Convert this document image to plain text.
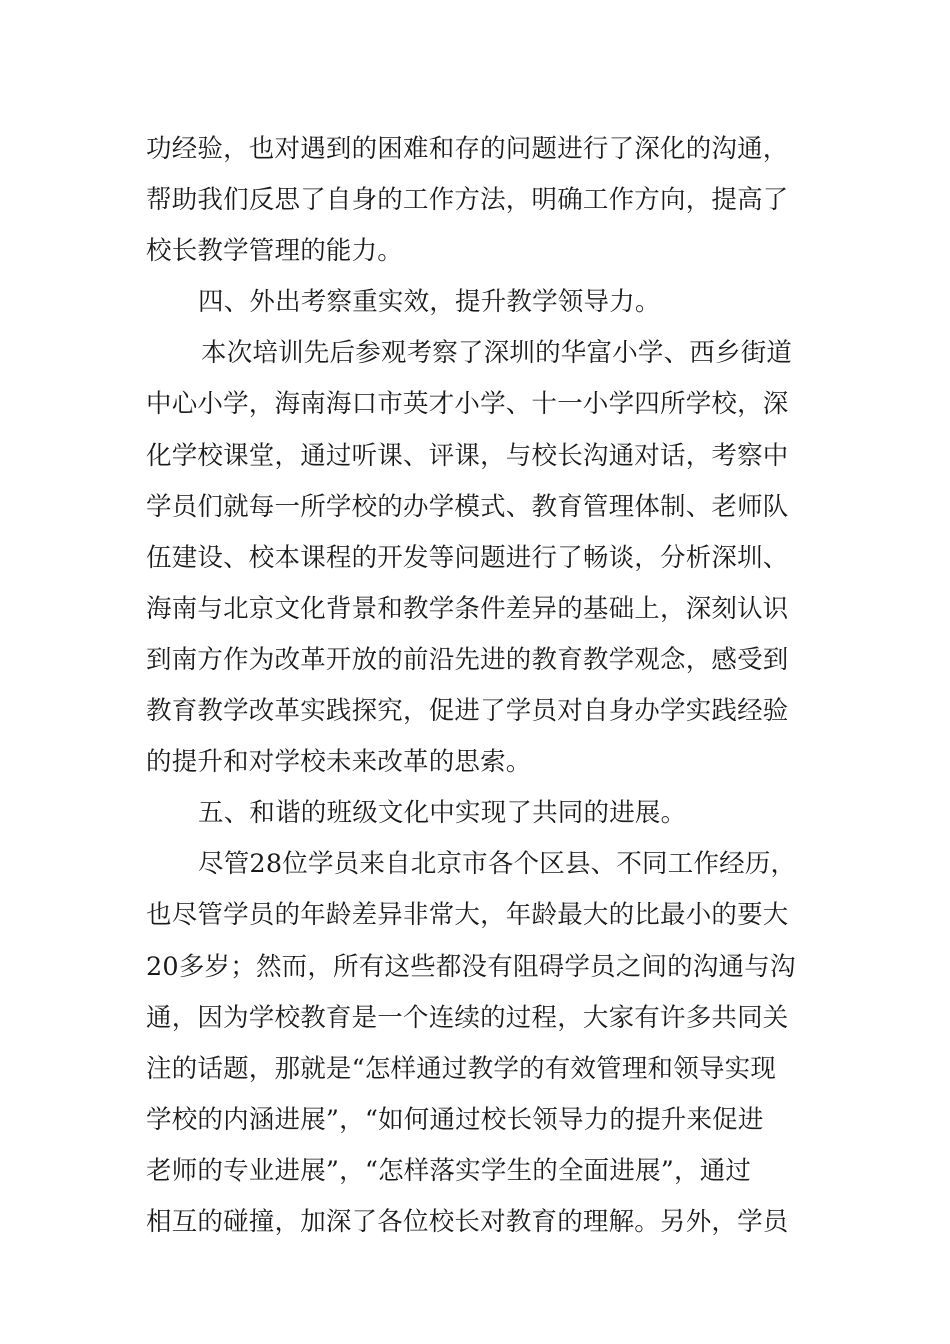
功经验，也对遇到的困难和存的问题进行了深化的沟通，
帮助我们反思了自身的工作方法，明确工作方向，提高了
校长教学管理的能力。
四、外出考察重实效，提升教学领导力。
本次培训先后参观考察了深圳的华富小学、西乡街道
中心小学，海南海口市英才小学、十一小学四所学校，深
化学校课堂，通过听课、评课，与校长沟通对话，考察中
学员们就每一所学校的办学模式、教育管理体制、老师队
伍建设、校本课程的开发等问题进行了畅谈，分析深圳、
海南与北京文化背景和教学条件差异的基础上，深刻认识
到南方作为改革开放的前沿先进的教育教学观念，感受到
教育教学改革实践探究，促进了学员对自身办学实践经验
的提升和对学校未来改革的思索。
五、和谐的班级文化中实现了共同的进展。
尽管28位学员来自北京市各个区县、不同工作经历，
也尽管学员的年龄差异非常大，年龄最大的比最小的要大
20多岁；然而，所有这些都没有阻碍学员之间的沟通与沟
通，因为学校教育是一个连续的过程，大家有许多共同关
注的话题，那就是“怎样通过教学的有效管理和领导实现
学校的内涵进展”，“如何通过校长领导力的提升来促进
老师的专业进展”，“怎样落实学生的全面进展”，通过
相互的碰撞，加深了各位校长对教育的理解。另外，学员
